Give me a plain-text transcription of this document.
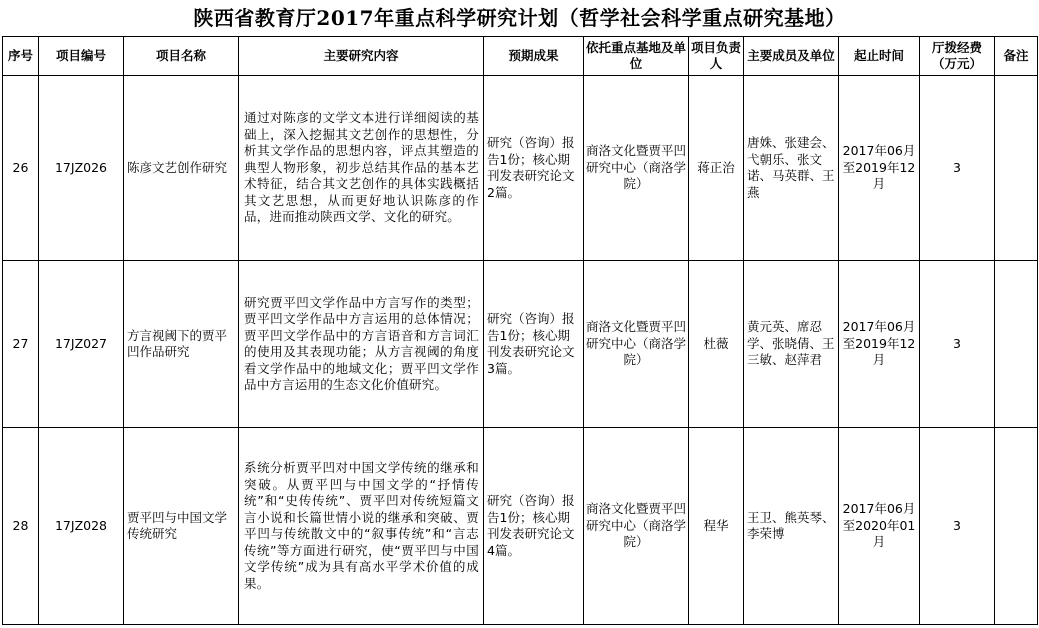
陕西省教育厅2017年重点科学研究计划（哲学社会科学重点研究基地）
序号	项目编号	项目名称	主要研究内容	预期成果	依托重点基地及单位	项目负责人	主要成员及单位	起止时间	厅拨经费（万元）	备注
26	17JZ026	陈彦文艺创作研究	通过对陈彦的文学文本进行详细阅读的基础上，深入挖掘其文艺创作的思想性，分析其文学作品的思想内容，评点其塑造的典型人物形象，初步总结其作品的基本艺术特征，结合其文艺创作的具体实践概括其文艺思想，从而更好地认识陈彦的作品，进而推动陕西文学、文化的研究。	研究（咨询）报告1份；核心期刊发表研究论文2篇。	商洛文化暨贾平凹研究中心（商洛学院）	蒋正治	唐姝、张建会、弋朝乐、张文诺、马英群、王燕	2017年06月至2019年12月	3	
27	17JZ027	方言视阈下的贾平凹作品研究	研究贾平凹文学作品中方言写作的类型；贾平凹文学作品中方言运用的总体情况；贾平凹文学作品中的方言语音和方言词汇的使用及其表现功能；从方言视阈的角度看文学作品中的地域文化；贾平凹文学作品中方言运用的生态文化价值研究。	研究（咨询）报告1份；核心期刊发表研究论文3篇。	商洛文化暨贾平凹研究中心（商洛学院）	杜薇	黄元英、席忍学、张晓倩、王三敏、赵萍君	2017年06月至2019年12月	3	
28	17JZ028	贾平凹与中国文学传统研究	系统分析贾平凹对中国文学传统的继承和突破。从贾平凹与中国文学的“抒情传统”和“史传传统”、贾平凹对传统短篇文言小说和长篇世情小说的继承和突破、贾平凹与传统散文中的“叙事传统”和“言志传统”等方面进行研究，使“贾平凹与中国文学传统”成为具有高水平学术价值的成果。	研究（咨询）报告1份；核心期刊发表研究论文4篇。	商洛文化暨贾平凹研究中心（商洛学院）	程华	王卫、熊英琴、李荣博	2017年06月至2020年01月	3	
